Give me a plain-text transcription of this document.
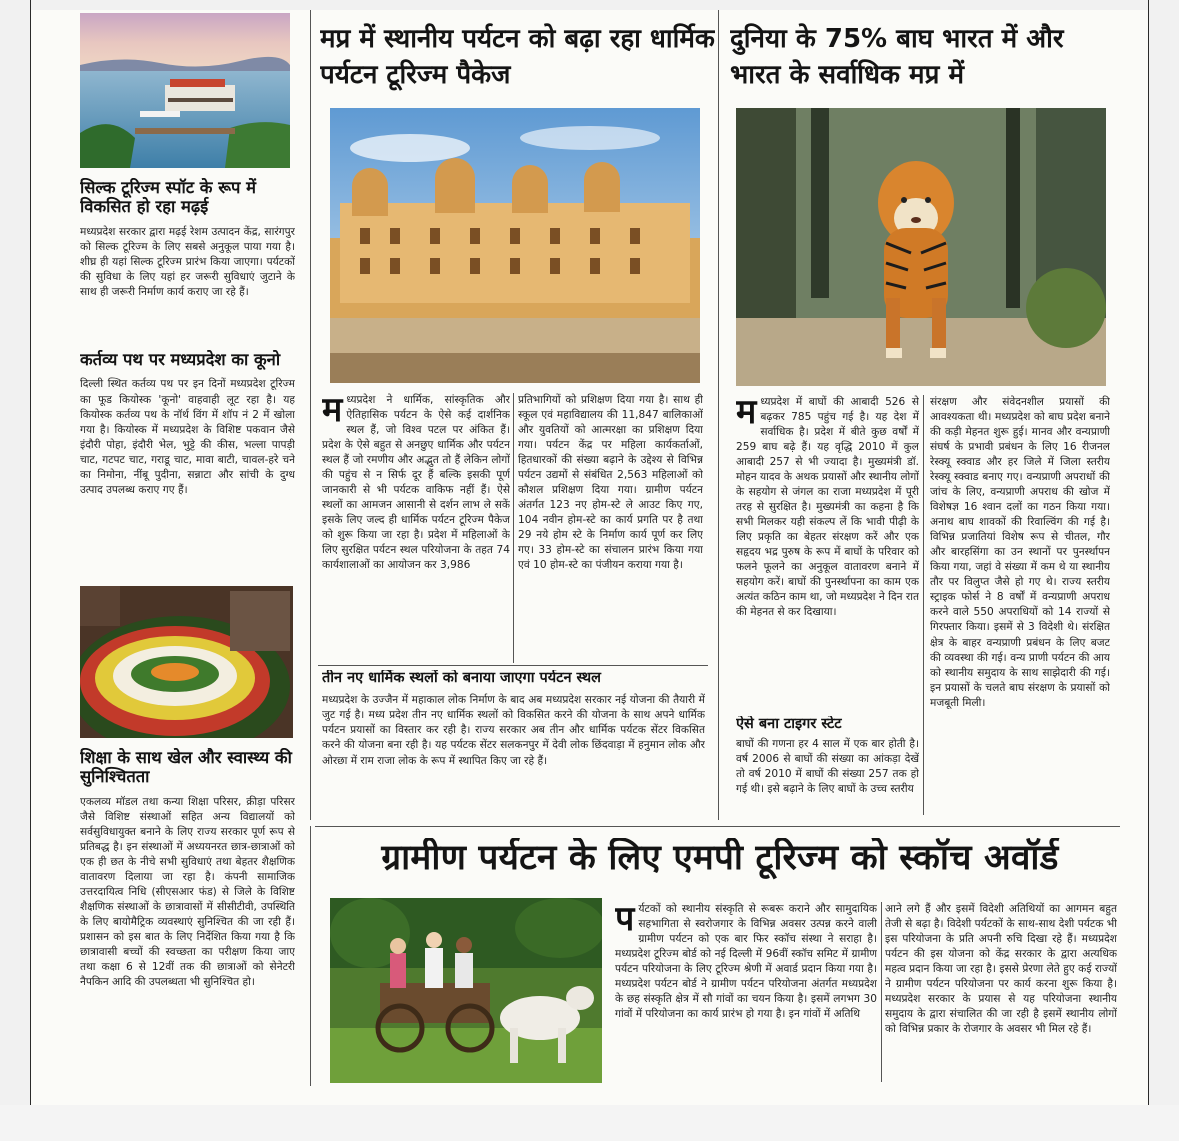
सिल्क टूरिज्म स्पॉट के रूप में विकसित हो रहा मढ़ई
मध्यप्रदेश सरकार द्वारा मढ़ई रेशम उत्पादन केंद्र, सारंगपुर को सिल्क टूरिज्म के लिए सबसे अनुकूल पाया गया है। शीघ्र ही यहां सिल्क टूरिज्म प्रारंभ किया जाएगा। पर्यटकों की सुविधा के लिए यहां हर जरूरी सुविधाएं जुटाने के साथ ही जरूरी निर्माण कार्य कराए जा रहे हैं।
कर्तव्य पथ पर मध्यप्रदेश का कूनो
दिल्ली स्थित कर्तव्य पथ पर इन दिनों मध्यप्रदेश टूरिज्म का फूड कियोस्क 'कूनो' वाहवाही लूट रहा है। यह कियोस्क कर्तव्य पथ के नॉर्थ विंग में शॉप नं 2 में खोला गया है। कियोस्क में मध्यप्रदेश के विशिष्ट पकवान जैसे इंदौरी पोहा, इंदौरी भेल, भुट्टे की कीस, भल्ला पापड़ी चाट, गटपट चाट, गराडू चाट, मावा बाटी, चावल-हरे चने का निमोना, नींबू पुदीना, सन्नाटा और सांची के दुग्ध उत्पाद उपलब्ध कराए गए हैं।
शिक्षा के साथ खेल और स्वास्थ्य की सुनिश्चितता
एकलव्य मॉडल तथा कन्या शिक्षा परिसर, क्रीड़ा परिसर जैसे विशिष्ट संस्थाओं सहित अन्य विद्यालयों को सर्वसुविधायुक्त बनाने के लिए राज्य सरकार पूर्ण रूप से प्रतिबद्ध है। इन संस्थाओं में अध्ययनरत छात्र-छात्राओं को एक ही छत के नीचे सभी सुविधाएं तथा बेहतर शैक्षणिक वातावरण दिलाया जा रहा है। कंपनी सामाजिक उत्तरदायित्व निधि (सीएसआर फंड) से जिले के विशिष्ट शैक्षणिक संस्थाओं के छात्रावासों में सीसीटीवी, उपस्थिति के लिए बायोमैट्रिक व्यवस्थाएं सुनिश्चित की जा रही हैं। प्रशासन को इस बात के लिए निर्देशित किया गया है कि छात्रावासी बच्चों की स्वच्छता का परीक्षण किया जाए तथा कक्षा 6 से 12वीं तक की छात्राओं को सेनेटरी नैपकिन आदि की उपलब्धता भी सुनिश्चित हो।
मप्र में स्थानीय पर्यटन को बढ़ा रहा धार्मिक पर्यटन टूरिज्म पैकेज
मध्यप्रदेश ने धार्मिक, सांस्कृतिक और ऐतिहासिक पर्यटन के ऐसे कई दार्शनिक स्थल हैं, जो विश्व पटल पर अंकित हैं। प्रदेश के ऐसे बहुत से अनछुए धार्मिक और पर्यटन स्थल हैं जो रमणीय और अद्भुत तो हैं लेकिन लोगों की पहुंच से न सिर्फ दूर हैं बल्कि इसकी पूर्ण जानकारी से भी पर्यटक वाकिफ नहीं हैं। ऐसे स्थलों का आमजन आसानी से दर्शन लाभ ले सकें इसके लिए जल्द ही धार्मिक पर्यटन टूरिज्म पैकेज को शुरू किया जा रहा है। प्रदेश में महिलाओं के लिए सुरक्षित पर्यटन स्थल परियोजना के तहत 74 कार्यशालाओं का आयोजन कर 3,986
प्रतिभागियों को प्रशिक्षण दिया गया है। साथ ही स्कूल एवं महाविद्यालय की 11,847 बालिकाओं और युवतियों को आत्मरक्षा का प्रशिक्षण दिया गया। पर्यटन केंद्र पर महिला कार्यकर्ताओं, हितधारकों की संख्या बढ़ाने के उद्देश्य से विभिन्न पर्यटन उद्यमों से संबंधित 2,563 महिलाओं को कौशल प्रशिक्षण दिया गया। ग्रामीण पर्यटन अंतर्गत 123 नए होम-स्टे ले आउट किए गए, 104 नवीन होम-स्टे का कार्य प्रगति पर है तथा 29 नये होम स्टे के निर्माण कार्य पूर्ण कर लिए गए। 33 होम-स्टे का संचालन प्रारंभ किया गया एवं 10 होम-स्टे का पंजीयन कराया गया है।
तीन नए धार्मिक स्थलों को बनाया जाएगा पर्यटन स्थल
मध्यप्रदेश के उज्जैन में महाकाल लोक निर्माण के बाद अब मध्यप्रदेश सरकार नई योजना की तैयारी में जुट गई है। मध्य प्रदेश तीन नए धार्मिक स्थलों को विकसित करने की योजना के साथ अपने धार्मिक पर्यटन प्रयासों का विस्तार कर रही है। राज्य सरकार अब तीन और धार्मिक पर्यटक सेंटर विकसित करने की योजना बना रही है। यह पर्यटक सेंटर सलकनपुर में देवी लोक छिंदवाड़ा में हनुमान लोक और ओरछा में राम राजा लोक के रूप में स्थापित किए जा रहे हैं।
दुनिया के 75% बाघ भारत में और भारत के सर्वाधिक मप्र में
मध्यप्रदेश में बाघों की आबादी 526 से बढ़कर 785 पहुंच गई है। यह देश में सर्वाधिक है। प्रदेश में बीते कुछ वर्षों में 259 बाघ बढ़े हैं। यह वृद्धि 2010 में कुल आबादी 257 से भी ज्यादा है। मुख्यमंत्री डॉ. मोहन यादव के अथक प्रयासों और स्थानीय लोगों के सहयोग से जंगल का राजा मध्यप्रदेश में पूरी तरह से सुरक्षित है। मुख्यमंत्री का कहना है कि सभी मिलकर यही संकल्प लें कि भावी पीढ़ी के लिए प्रकृति का बेहतर संरक्षण करें और एक सहृदय भद्र पुरुष के रूप में बाघों के परिवार को फलने फूलने का अनुकूल वातावरण बनाने में सहयोग करें। बाघों की पुनर्स्थापना का काम एक अत्यंत कठिन काम था, जो मध्यप्रदेश ने दिन रात की मेहनत से कर दिखाया।
ऐसे बना टाइगर स्टेट
बाघों की गणना हर 4 साल में एक बार होती है। वर्ष 2006 से बाघों की संख्या का आंकड़ा देखें तो वर्ष 2010 में बाघों की संख्या 257 तक हो गई थी। इसे बढ़ाने के लिए बाघों के उच्च स्तरीय
संरक्षण और संवेदनशील प्रयासों की आवश्यकता थी। मध्यप्रदेश को बाघ प्रदेश बनाने की कड़ी मेहनत शुरू हुई। मानव और वन्यप्राणी संघर्ष के प्रभावी प्रबंधन के लिए 16 रीजनल रेस्क्यू स्क्वाड और हर जिले में जिला स्तरीय रेस्क्यू स्क्वाड बनाए गए। वन्यप्राणी अपराधों की जांच के लिए, वन्यप्राणी अपराध की खोज में विशेषज्ञ 16 श्वान दलों का गठन किया गया। अनाथ बाघ शावकों की रिवाल्विंग की गई है। विभिन्न प्रजातियां विशेष रूप से चीतल, गौर और बारहसिंगा का उन स्थानों पर पुनर्स्थापन किया गया, जहां वे संख्या में कम थे या स्थानीय तौर पर विलुप्त जैसे हो गए थे। राज्य स्तरीय स्ट्राइक फोर्स ने 8 वर्षों में वन्यप्राणी अपराध करने वाले 550 अपराधियों को 14 राज्यों से गिरफ्तार किया। इसमें से 3 विदेशी थे। संरक्षित क्षेत्र के बाहर वन्यप्राणी प्रबंधन के लिए बजट की व्यवस्था की गई। वन्य प्राणी पर्यटन की आय को स्थानीय समुदाय के साथ साझेदारी की गई। इन प्रयासों के चलते बाघ संरक्षण के प्रयासों को मजबूती मिली।
ग्रामीण पर्यटन के लिए एमपी टूरिज्म को स्कॉच अवॉर्ड
पर्यटकों को स्थानीय संस्कृति से रूबरू कराने और सामुदायिक सहभागिता से स्वरोजगार के विभिन्न अवसर उत्पन्न करने वाली ग्रामीण पर्यटन को एक बार फिर स्कॉच संस्था ने सराहा है। मध्यप्रदेश टूरिज्म बोर्ड को नई दिल्ली में 96वीं स्कॉच समिट में ग्रामीण पर्यटन परियोजना के लिए टूरिज्म श्रेणी में अवार्ड प्रदान किया गया है। मध्यप्रदेश पर्यटन बोर्ड ने ग्रामीण पर्यटन परियोजना अंतर्गत मध्यप्रदेश के छह संस्कृति क्षेत्र में सौ गांवों का चयन किया है। इसमें लगभग 30 गांवों में परियोजना का कार्य प्रारंभ हो गया है। इन गांवों में अतिथि
आने लगे हैं और इसमें विदेशी अतिथियों का आगमन बहुत तेजी से बढ़ा है। विदेशी पर्यटकों के साथ-साथ देशी पर्यटक भी इस परियोजना के प्रति अपनी रुचि दिखा रहे हैं। मध्यप्रदेश पर्यटन की इस योजना को केंद्र सरकार के द्वारा अत्यधिक महत्व प्रदान किया जा रहा है। इससे प्रेरणा लेते हुए कई राज्यों ने ग्रामीण पर्यटन परियोजना पर कार्य करना शुरू किया है। मध्यप्रदेश सरकार के प्रयास से यह परियोजना स्थानीय समुदाय के द्वारा संचालित की जा रही है इसमें स्थानीय लोगों को विभिन्न प्रकार के रोजगार के अवसर भी मिल रहे हैं।
